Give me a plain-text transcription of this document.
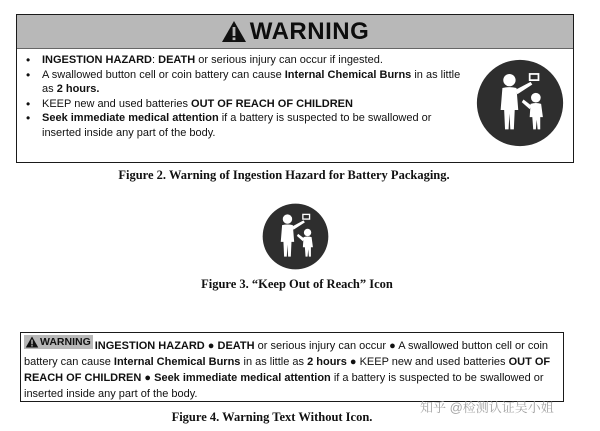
WARNING
• INGESTION HAZARD: DEATH or serious injury can occur if ingested.
• A swallowed button cell or coin battery can cause Internal Chemical Burns in as little as 2 hours.
• KEEP new and used batteries OUT OF REACH OF CHILDREN
• Seek immediate medical attention if a battery is suspected to be swallowed or inserted inside any part of the body.
Figure 2. Warning of Ingestion Hazard for Battery Packaging.
Figure 3. “Keep Out of Reach” Icon
WARNING INGESTION HAZARD ● DEATH or serious injury can occur ● A swallowed button cell or coin battery can cause Internal Chemical Burns in as little as 2 hours ● KEEP new and used batteries OUT OF REACH OF CHILDREN ● Seek immediate medical attention if a battery is suspected to be swallowed or inserted inside any part of the body.
Figure 4. Warning Text Without Icon.
知乎 @检测认证吴小姐
